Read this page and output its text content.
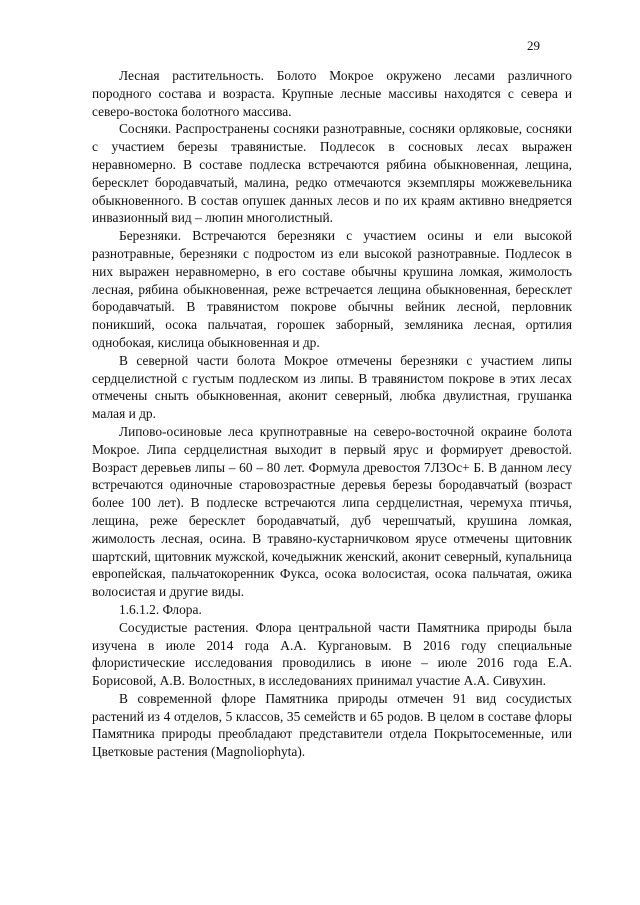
29

Лесная растительность. Болото Мокрое окружено лесами различного породного состава и возраста. Крупные лесные массивы находятся с севера и северо-востока болотного массива.

Сосняки. Распространены сосняки разнотравные, сосняки орляковые, сосняки с участием березы травянистые. Подлесок в сосновых лесах выражен неравномерно. В составе подлеска встречаются рябина обыкновенная, лещина, бересклет бородавчатый, малина, редко отмечаются экземпляры можжевельника обыкновенного. В состав опушек данных лесов и по их краям активно внедряется инвазионный вид – люпин многолистный.

Березняки. Встречаются березняки с участием осины и ели высокой разнотравные, березняки с подростом из ели высокой разнотравные. Подлесок в них выражен неравномерно, в его составе обычны крушина ломкая, жимолость лесная, рябина обыкновенная, реже встречается лещина обыкновенная, бересклет бородавчатый. В травянистом покрове обычны вейник лесной, перловник поникший, осока пальчатая, горошек заборный, земляника лесная, ортилия однобокая, кислица обыкновенная и др.

В северной части болота Мокрое отмечены березняки с участием липы сердцелистной с густым подлеском из липы. В травянистом покрове в этих лесах отмечены сныть обыкновенная, аконит северный, любка двулистная, грушанка малая и др.

Липово-осиновые леса крупнотравные на северо-восточной окраине болота Мокрое. Липа сердцелистная выходит в первый ярус и формирует древостой. Возраст деревьев липы – 60 – 80 лет. Формула древостоя 7Л3Ос+ Б. В данном лесу встречаются одиночные старовозрастные деревья березы бородавчатый (возраст более 100 лет). В подлеске встречаются липа сердцелистная, черемуха птичья, лещина, реже бересклет бородавчатый, дуб черешчатый, крушина ломкая, жимолость лесная, осина. В травяно-кустарничковом ярусе отмечены щитовник шартский, щитовник мужской, кочедыжник женский, аконит северный, купальница европейская, пальчатокоренник Фукса, осока волосистая, осока пальчатая, ожика волосистая и другие виды.

1.6.1.2. Флора.

Сосудистые растения. Флора центральной части Памятника природы была изучена в июле 2014 года А.А. Кургановым. В 2016 году специальные флористические исследования проводились в июне – июле 2016 года Е.А. Борисовой, А.В. Волостных, в исследованиях принимал участие А.А. Сивухин.

В современной флоре Памятника природы отмечен 91 вид сосудистых растений из 4 отделов, 5 классов, 35 семейств и 65 родов. В целом в составе флоры Памятника природы преобладают представители отдела Покрытосеменные, или Цветковые растения (Magnoliophyta).
